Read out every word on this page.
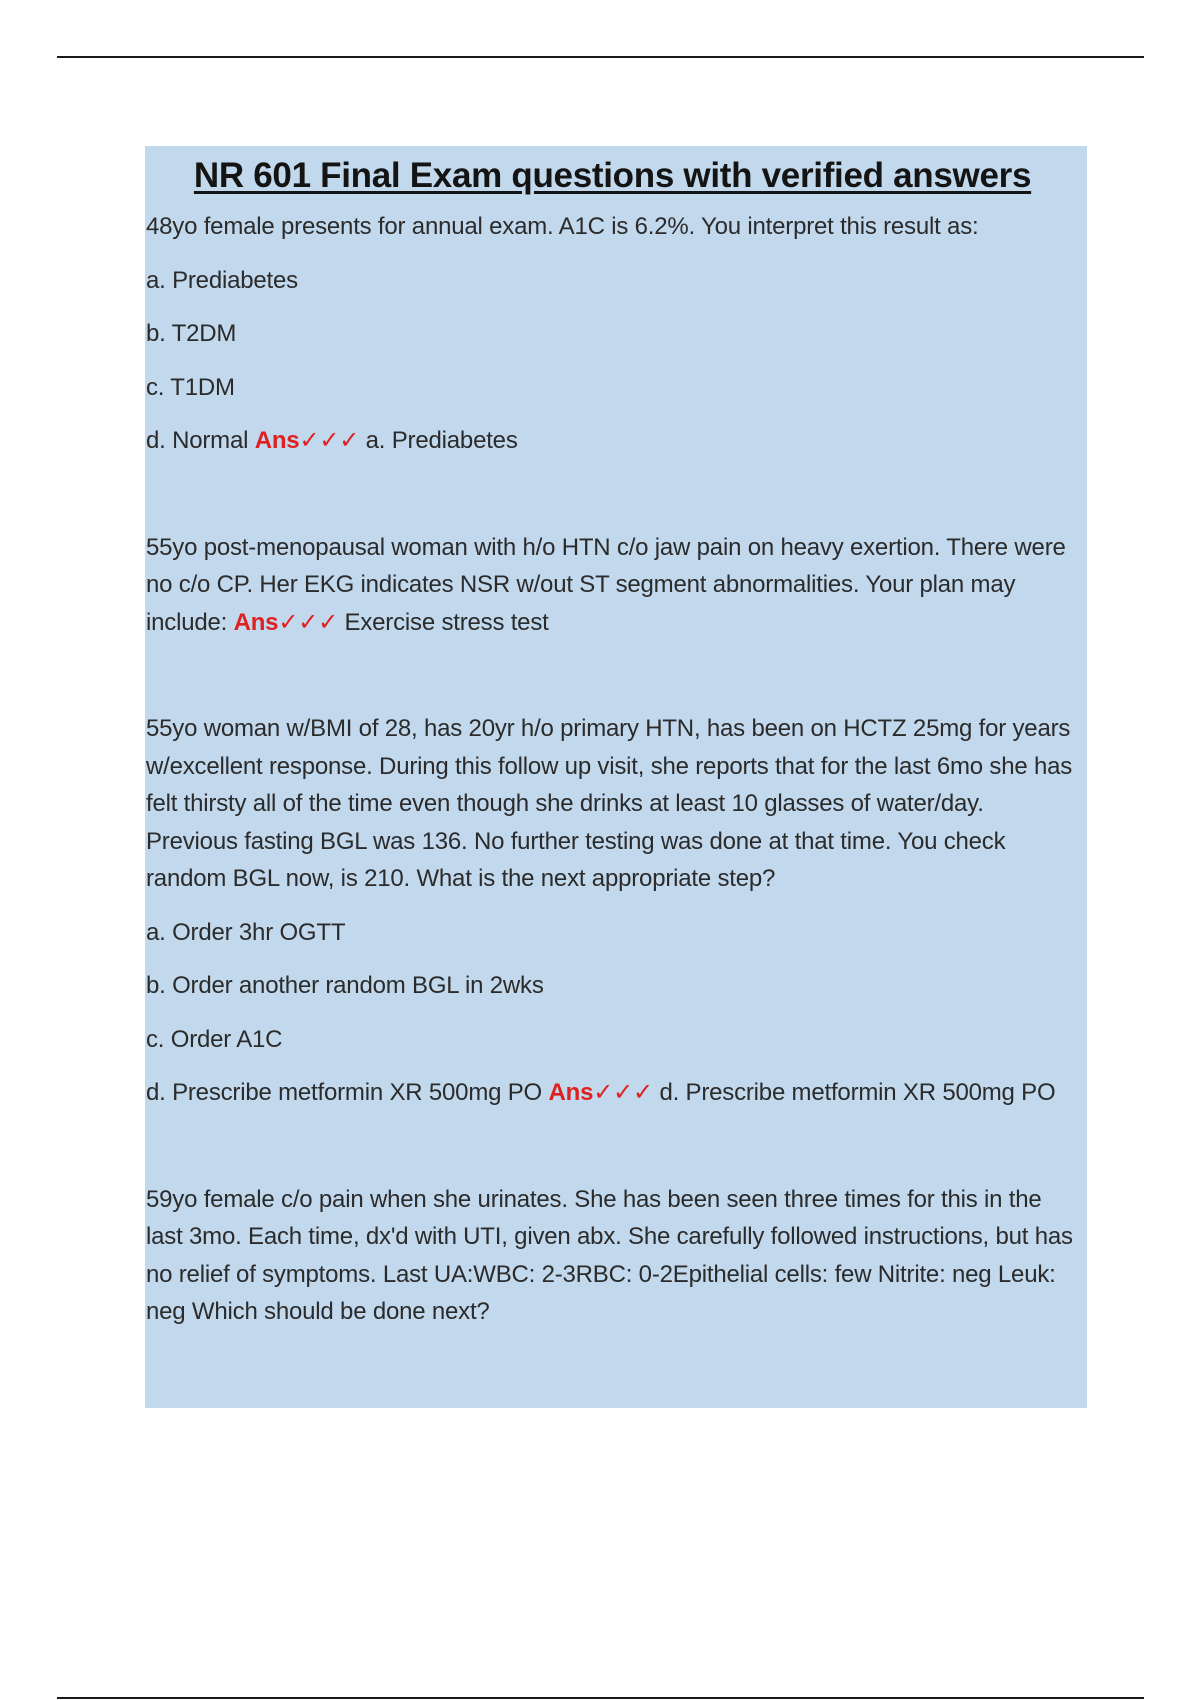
NR 601 Final Exam questions with verified answers

48yo female presents for annual exam. A1C is 6.2%. You interpret this result as:

a. Prediabetes

b. T2DM

c. T1DM

d. Normal Ans✓✓✓ a. Prediabetes

55yo post-menopausal woman with h/o HTN c/o jaw pain on heavy exertion. There were no c/o CP. Her EKG indicates NSR w/out ST segment abnormalities. Your plan may include: Ans✓✓✓ Exercise stress test

55yo woman w/BMI of 28, has 20yr h/o primary HTN, has been on HCTZ 25mg for years w/excellent response. During this follow up visit, she reports that for the last 6mo she has felt thirsty all of the time even though she drinks at least 10 glasses of water/day. Previous fasting BGL was 136. No further testing was done at that time. You check random BGL now, is 210. What is the next appropriate step?

a. Order 3hr OGTT

b. Order another random BGL in 2wks

c. Order A1C

d. Prescribe metformin XR 500mg PO Ans✓✓✓ d. Prescribe metformin XR 500mg PO

59yo female c/o pain when she urinates. She has been seen three times for this in the last 3mo. Each time, dx'd with UTI, given abx. She carefully followed instructions, but has no relief of symptoms. Last UA:WBC: 2-3RBC: 0-2Epithelial cells: few Nitrite: neg Leuk: neg Which should be done next?
